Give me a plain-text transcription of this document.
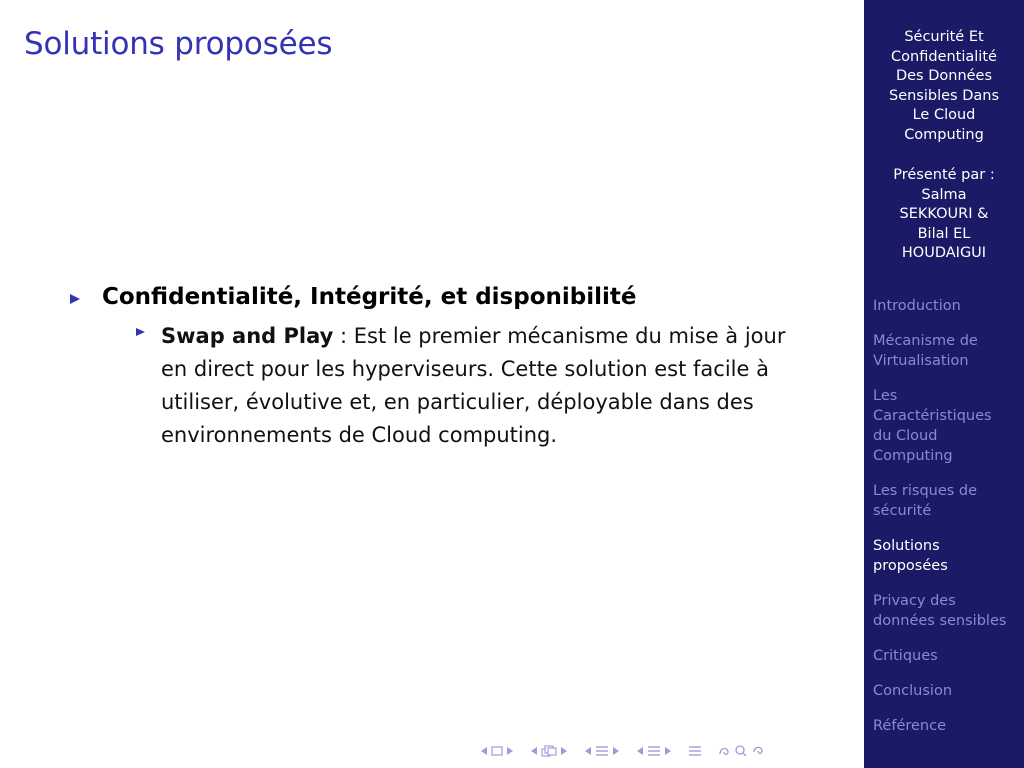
Solutions proposées
Confidentialité, Intégrité, et disponibilité
Swap and Play : Est le premier mécanisme du mise à jour en direct pour les hyperviseurs. Cette solution est facile à utiliser, évolutive et, en particulier, déployable dans des environnements de Cloud computing.
Sécurité Et
Confidentialité
Des Données
Sensibles Dans
Le Cloud
Computing
Présenté par :
Salma
SEKKOURI &
Bilal EL
HOUDAIGUI
Introduction
Mécanisme de
Virtualisation
Les
Caractéristiques
du Cloud
Computing
Les risques de
sécurité
Solutions
proposées
Privacy des
données sensibles
Critiques
Conclusion
Référence
